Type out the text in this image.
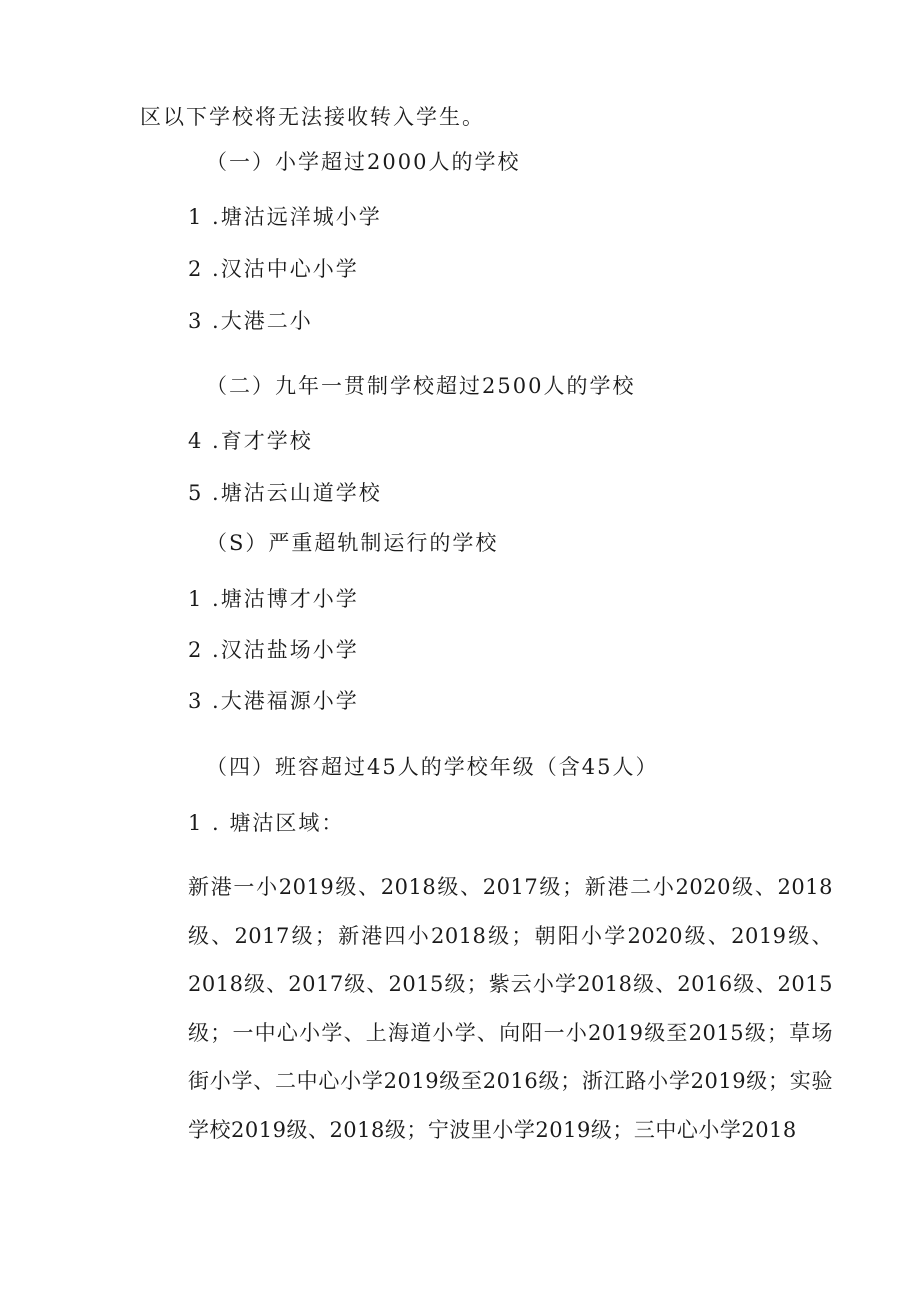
区以下学校将无法接收转入学生。
（一）小学超过2000人的学校
1 .塘沽远洋城小学
2 .汉沽中心小学
3 .大港二小
（二）九年一贯制学校超过2500人的学校
4 .育才学校
5 .塘沽云山道学校
（S）严重超轨制运行的学校
1 .塘沽博才小学
2 .汉沽盐场小学
3 .大港福源小学
（四）班容超过45人的学校年级（含45人）
1 . 塘沽区域：
新港一小2019级、2018级、2017级；新港二小2020级、2018级、2017级；新港四小2018级；朝阳小学2020级、2019级、2018级、2017级、2015级；紫云小学2018级、2016级、2015级；一中心小学、上海道小学、向阳一小2019级至2015级；草场街小学、二中心小学2019级至2016级；浙江路小学2019级；实验学校2019级、2018级；宁波里小学2019级；三中心小学2018
